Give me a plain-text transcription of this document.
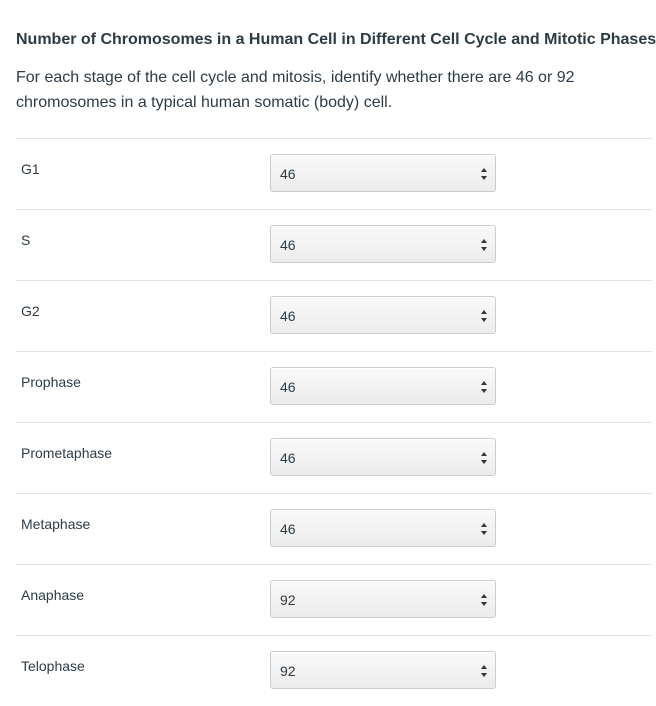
Number of Chromosomes in a Human Cell in Different Cell Cycle and Mitotic Phases

For each stage of the cell cycle and mitosis, identify whether there are 46 or 92 chromosomes in a typical human somatic (body) cell.

G1	46
S	46
G2	46
Prophase	46
Prometaphase	46
Metaphase	46
Anaphase	92
Telophase	92
